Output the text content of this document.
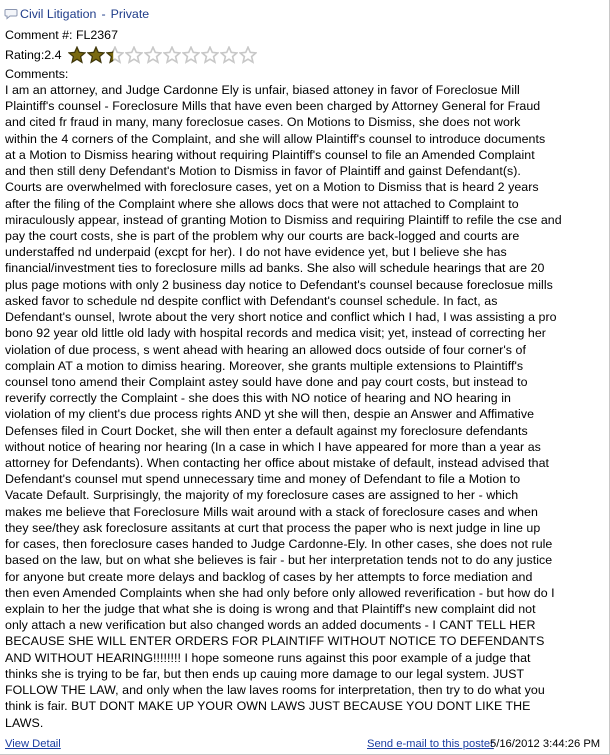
Civil Litigation - Private
Comment #: FL2367
Rating:2.4
Comments:
I am an attorney, and Judge Cardonne Ely is unfair, biased attoney in favor of Foreclosue Mill
Plaintiff's counsel - Foreclosure Mills that have even been charged by Attorney General for Fraud
and cited fr fraud in many, many foreclosue cases. On Motions to Dismiss, she does not work
within the 4 corners of the Complaint, and she will allow Plaintiff's counsel to introduce documents
at a Motion to Dismiss hearing without requiring Plaintiff's counsel to file an Amended Complaint
and then still deny Defendant's Motion to Dismiss in favor of Plaintiff and gainst Defendant(s).
Courts are overwhelmed with foreclosure cases, yet on a Motion to Dismiss that is heard 2 years
after the filing of the Complaint where she allows docs that were not attached to Complaint to
miraculously appear, instead of granting Motion to Dismiss and requiring Plaintiff to refile the cse and
pay the court costs, she is part of the problem why our courts are back-logged and courts are
understaffed nd underpaid (excpt for her). I do not have evidence yet, but I believe she has
financial/investment ties to foreclosure mills ad banks. She also will schedule hearings that are 20
plus page motions with only 2 business day notice to Defendant's counsel because foreclosue mills
asked favor to schedule nd despite conflict with Defendant's counsel schedule. In fact, as
Defendant's ounsel, lwrote about the very short notice and conflict which I had, I was assisting a pro
bono 92 year old little old lady with hospital records and medica visit; yet, instead of correcting her
violation of due process, s went ahead with hearing an allowed docs outside of four corner's of
complain AT a motion to dimiss hearing. Moreover, she grants multiple extensions to Plaintiff's
counsel tono amend their Complaint astey sould have done and pay court costs, but instead to
reverify correctly the Complaint - she does this with NO notice of hearing and NO hearing in
violation of my client's due process rights AND yt she will then, despie an Answer and Affimative
Defenses filed in Court Docket, she will then enter a default against my foreclosure defendants
without notice of hearing nor hearing (In a case in which I have appeared for more than a year as
attorney for Defendants). When contacting her office about mistake of default, instead advised that
Defendant's counsel mut spend unnecessary time and money of Defendant to file a Motion to
Vacate Default. Surprisingly, the majority of my foreclosure cases are assigned to her - which
makes me believe that Foreclosure Mills wait around with a stack of foreclosure cases and when
they see/they ask foreclosure assitants at curt that process the paper who is next judge in line up
for cases, then foreclosure cases handed to Judge Cardonne-Ely. In other cases, she does not rule
based on the law, but on what she believes is fair - but her interpretation tends not to do any justice
for anyone but create more delays and backlog of cases by her attempts to force mediation and
then even Amended Complaints when she had only before only allowed reverification - but how do I
explain to her the judge that what she is doing is wrong and that Plaintiff's new complaint did not
only attach a new verification but also changed words an added documents - I CANT TELL HER
BECAUSE SHE WILL ENTER ORDERS FOR PLAINTIFF WITHOUT NOTICE TO DEFENDANTS
AND WITHOUT HEARING!!!!!!!! I hope someone runs against this poor example of a judge that
thinks she is trying to be far, but then ends up cauing more damage to our legal system. JUST
FOLLOW THE LAW, and only when the law laves rooms for interpretation, then try to do what you
think is fair. BUT DONT MAKE UP YOUR OWN LAWS JUST BECAUSE YOU DONT LIKE THE
LAWS.
View Detail	Send e-mail to this poster
5/16/2012 3:44:26 PM
